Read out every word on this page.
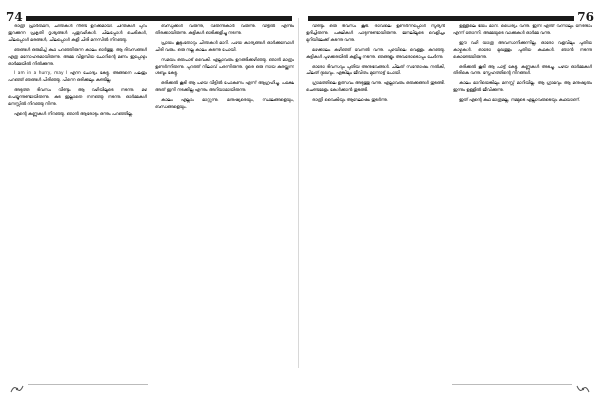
74

രാത്രി പ്രാർത്ഥന, ചിന്തകൾ നീണ്ട ഉറക്കമായി. ചിന്തകൾ പുറം തുറക്കുന്ന പ്രകൃതി ദൃശ്യങ്ങൾ പുതുവഴികൾ. ചിലപ്പോൾ ചെടികൾ, ചിലപ്പോൾ മരങ്ങൾ, ചിലപ്പോൾ കളി ചിരി മനസിൽ നിറഞ്ഞു.

ഞങ്ങൾ ഒരുമിച്ച് കഥ പറഞ്ഞിരുന്ന കാലം ഓർത്തു. ആ ദിവസങ്ങൾ എത്ര മനോഹരമായിരുന്നു. അമ്മ വിളമ്പിയ ചോറിന്റെ മണം ഇപ്പോഴും ഓർമ്മയിൽ നിൽക്കുന്നു.

I am in a hurry, may I എന്ന ചോദ്യം കേട്ടു. അങ്ങനെ പലതും പറഞ്ഞ് ഞങ്ങൾ പിരിഞ്ഞു. പിന്നെ ഒരിക്കലും കണ്ടില്ല.

അടുത്ത ദിവസം വീണ്ടും ആ വഴിയിലൂടെ നടന്നു. മഴ പെയ്യുന്നുണ്ടായിരുന്നു. കുട ഇല്ലാതെ നനഞ്ഞു നടന്നു. ഓർമ്മകൾ മനസ്സിൽ നിറഞ്ഞു നിന്നു.

എന്റെ കണ്ണുകൾ നിറഞ്ഞു. ഞാൻ ആരോടും ഒന്നും പറഞ്ഞില്ല.

ബന്ധുക്കൾ വരുന്നു, വിരുന്നുകാർ വരുന്നു. വീട്ടിൽ എന്നും തിരക്കായിരുന്നു. കുട്ടികൾ ഓടിക്കളിച്ചു നടന്നു.

പ്രായം കൂടുംതോറും ചിന്തകൾ മാറി. പഴയ കാര്യങ്ങൾ ഓർക്കുമ്പോൾ ചിരി വരും. ഒരു നല്ല കാലം കടന്നു പോയി.

സമയം ഒരുപാട് വൈകി. എല്ലാവരും ഉറങ്ങിക്കഴിഞ്ഞു. ഞാൻ മാത്രം ഉണർന്നിരുന്നു. പുറത്ത് നിലാവ് പരന്നിരുന്നു. ദൂരെ ഒരു നായ കുരയ്ക്കുന്ന ശബ്ദം കേട്ടു.

ഒരിക്കൽ കൂടി ആ പഴയ വീട്ടിൽ പോകണം എന്ന് ആഗ്രഹിച്ചു. പക്ഷേ അത് ഇനി നടക്കില്ല എന്നും അറിയാമായിരുന്നു.

കാലം എല്ലാം മാറ്റുന്നു. മനുഷ്യരെയും, സ്ഥലങ്ങളെയും, ബന്ധങ്ങളെയും.

76

വീണ്ടും ഒരു ദിവസം കൂടി. രാവിലെ ഉണർന്നപ്പോൾ സൂര്യൻ ഉദിച്ചിരുന്നു. പക്ഷികൾ പാടുന്നുണ്ടായിരുന്നു. ജനലിലൂടെ വെളിച്ചം മുറിയിലേക്ക് കടന്നു വന്നു.

മഴക്കാലം കഴിഞ്ഞ് വേനൽ വന്നു. പുഴയിലെ വെള്ളം കുറഞ്ഞു. കുട്ടികൾ പുഴക്കരയിൽ കളിച്ചു നടന്നു. ഞങ്ങളും അവരോടൊപ്പം ചേർന്നു.

ഓരോ ദിവസവും പുതിയ അനുഭവങ്ങൾ. ചിലത് സന്തോഷം നൽകി, ചിലത് ദുഃഖവും. എങ്കിലും ജീവിതം മുന്നോട്ട് പോയി.

ഗ്രാമത്തിലെ ഉത്സവം അടുത്തു വന്നു. എല്ലാവരും ഒരുക്കങ്ങൾ തുടങ്ങി. ചെണ്ടമേളം കേൾക്കാൻ തുടങ്ങി.

രാത്രി വൈകിയും ആഘോഷം തുടർന്നു.

ഉള്ളിലെ ഭയം മാറി. ധൈര്യം വന്നു. ഇനി എന്ത് വന്നാലും നേരിടാം എന്ന് തോന്നി. അമ്മയുടെ വാക്കുകൾ ഓർമ്മ വന്നു.

ഈ വഴി യാത്ര അവസാനിക്കുന്നില്ല. ഓരോ വളവിലും പുതിയ കാഴ്ചകൾ. ഓരോ മുഖത്തും പുതിയ കഥകൾ. ഞാൻ നടന്നു കൊണ്ടേയിരുന്നു.

ഒരിക്കൽ കൂടി ആ പാട്ട് കേട്ടു. കണ്ണുകൾ അടച്ചു. പഴയ ഓർമ്മകൾ തിരികെ വന്നു. സ്നേഹത്തിന്റെ നിറങ്ങൾ.

കാലം മാറിയെങ്കിലും മനസ്സ് മാറിയില്ല. ആ ഗ്രാമവും ആ മനുഷ്യരും ഇന്നും ഉള്ളിൽ ജീവിക്കുന്നു.

ഇത് എന്റെ കഥ മാത്രമല്ല, നമ്മുടെ എല്ലാവരുടെയും കഥയാണ്.
